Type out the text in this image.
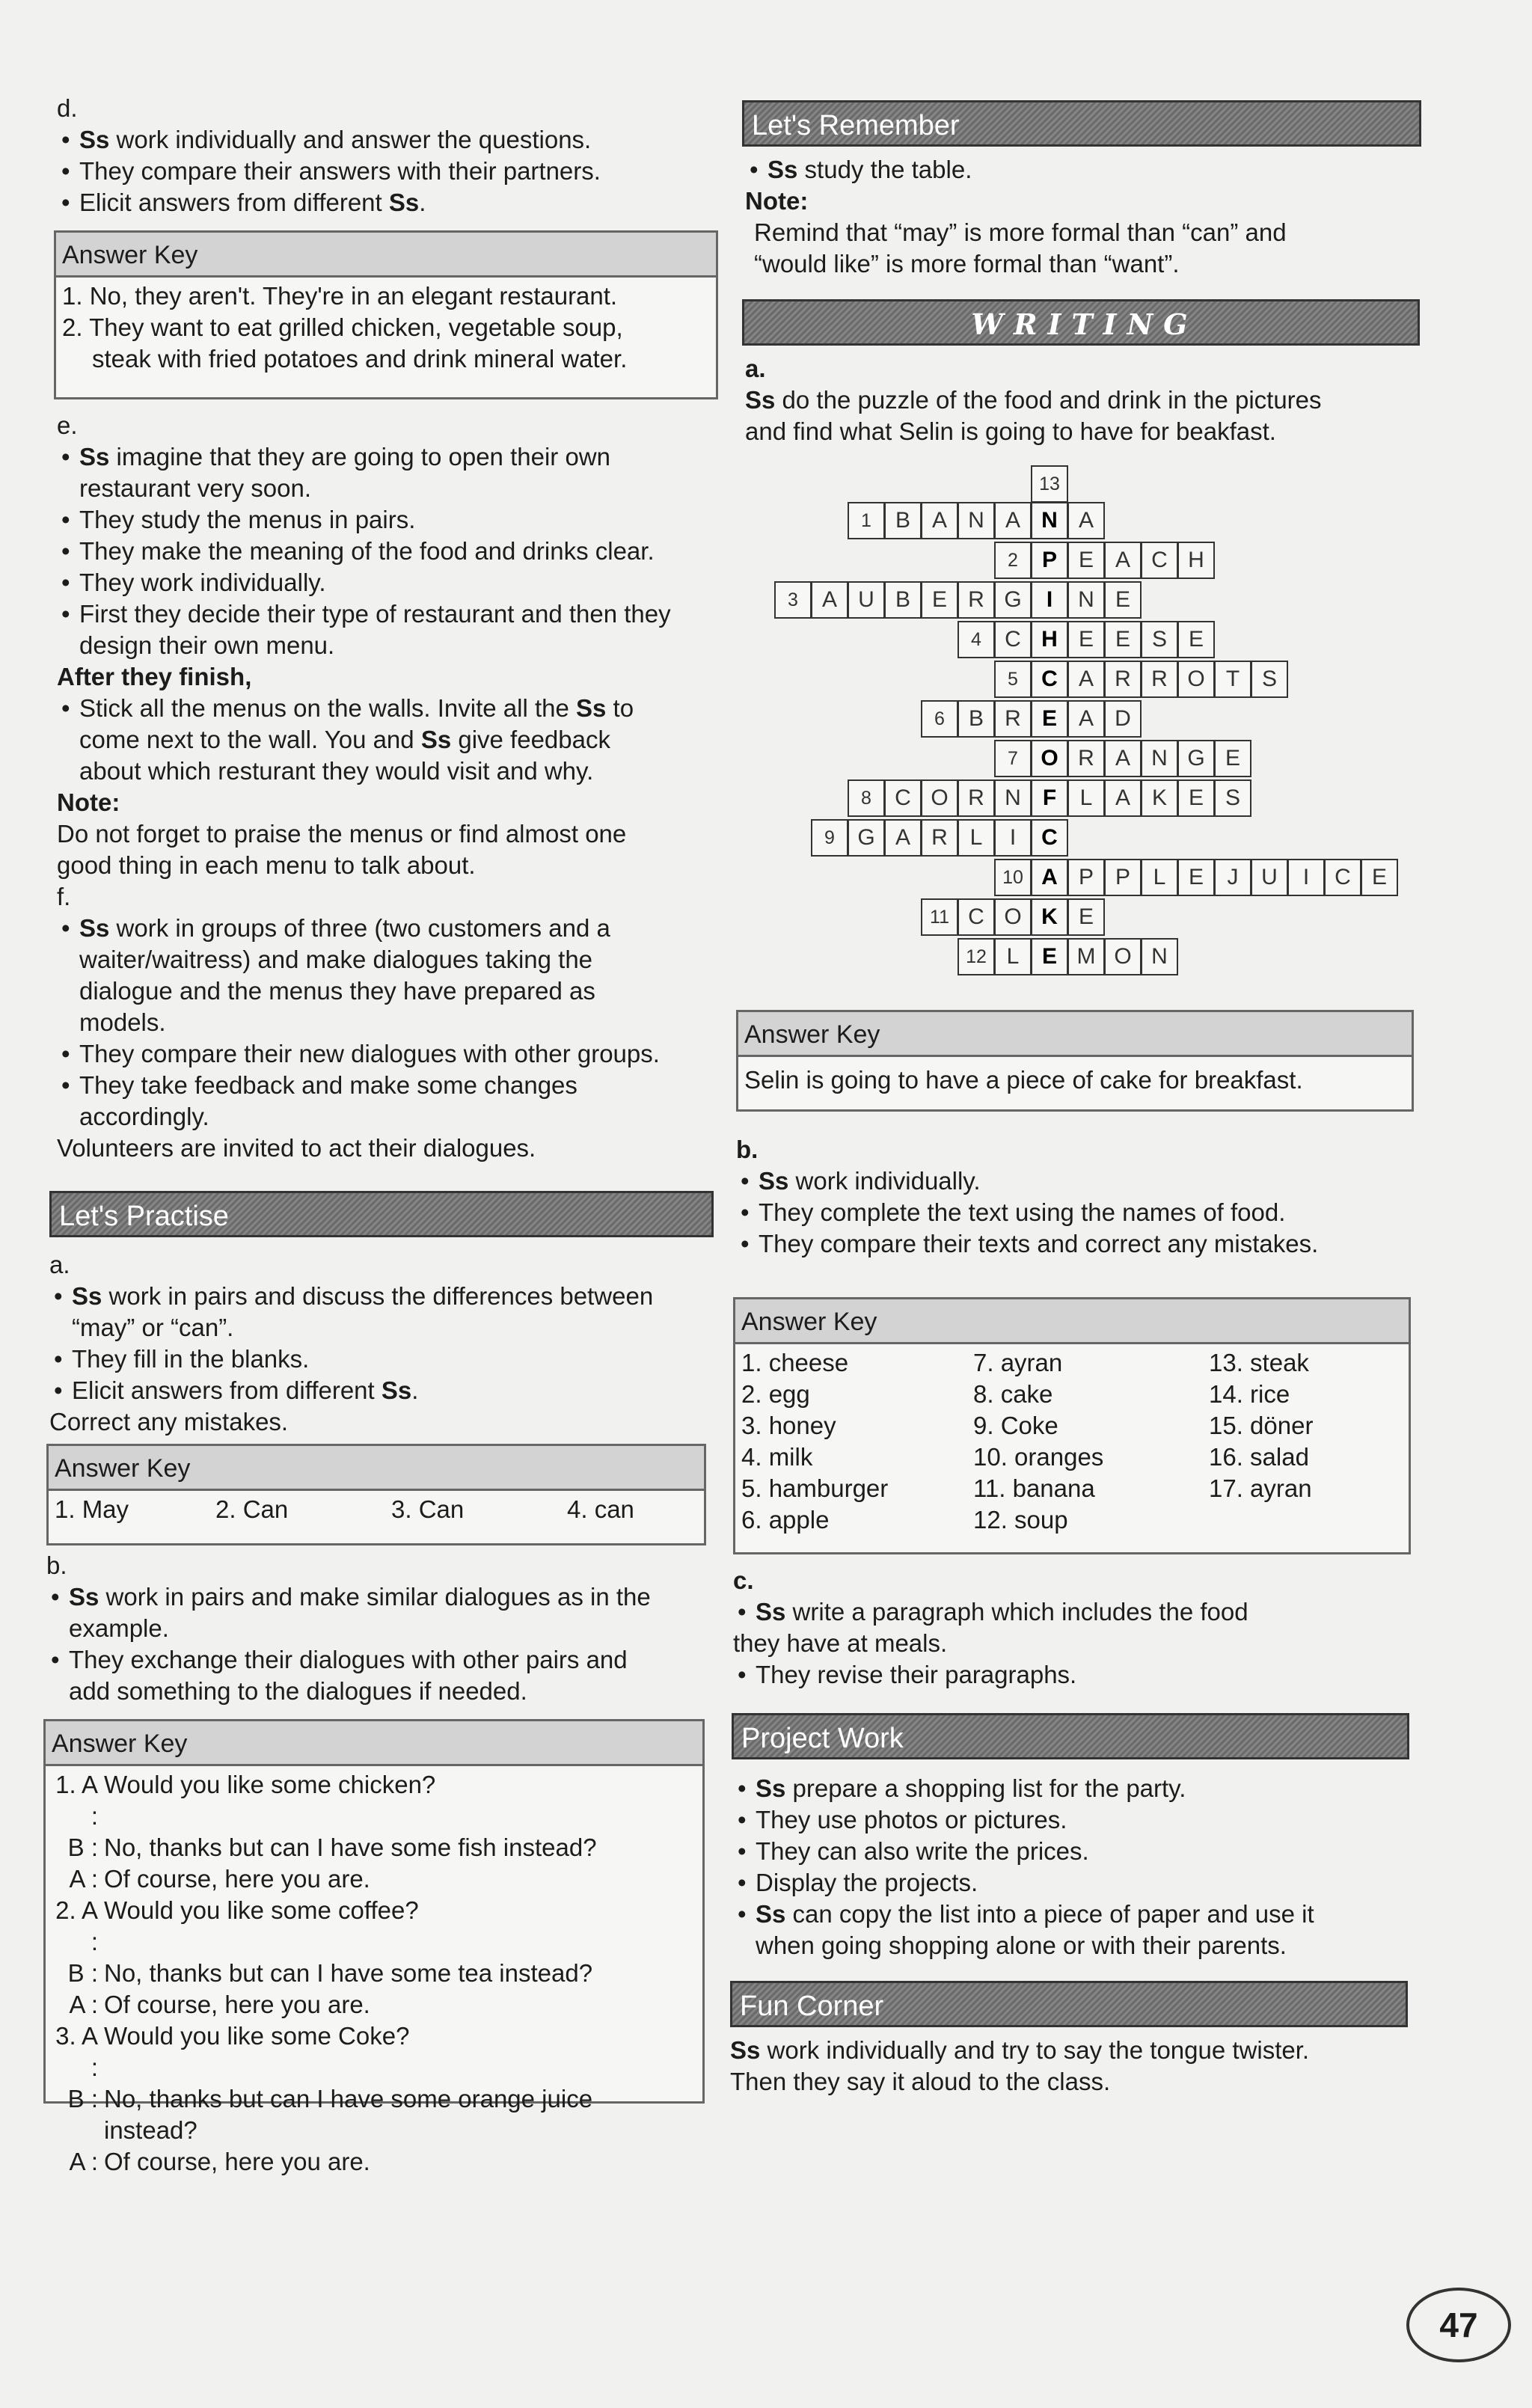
d.

• Ss work individually and answer the questions.
• They compare their answers with their partners.
• Elicit answers from different Ss.
Answer Key

1. No, they aren't. They're in an elegant restaurant.

2. They want to eat grilled chicken, vegetable soup,

steak with fried potatoes and drink mineral water.

e.

• Ss imagine that they are going to open their own
restaurant very soon.
• They study the menus in pairs.
• They make the meaning of the food and drinks clear.
• They work individually.
• First they decide their type of restaurant and then they
design their own menu.

After they finish,

• Stick all the menus on the walls. Invite all the Ss to
come next to the wall. You and Ss give feedback
about which resturant they would visit and why.

Note:

Do not forget to praise the menus or find almost one

good thing in each menu to talk about.

f.

• Ss work in groups of three (two customers and a
waiter/waitress) and make dialogues taking the
dialogue and the menus they have prepared as
models.
• They compare their new dialogues with other groups.
• They take feedback and make some changes
accordingly.

Volunteers are invited to act their dialogues.

Let's Practise

a.

• Ss work in pairs and discuss the differences between
“may” or “can”.
• They fill in the blanks.
• Elicit answers from different Ss.

Correct any mistakes.

Answer Key
1. May	2. Can	3. Can	4. can

b.

• Ss work in pairs and make similar dialogues as in the
example.
• They exchange their dialogues with other pairs and
add something to the dialogues if needed.
Answer Key
1. A :
Would you like some chicken?
B : No, thanks but can I have some fish instead?
A : Of course, here you are.
2. A :
Would you like some coffee?
B : No, thanks but can I have some tea instead?
A : Of course, here you are.
3. A :
Would you like some Coke?
B : No, thanks but can I have some orange juice
instead?
A : Of course, here you are.
Let's Remember
• Ss study the table.

Note:

Remind that “may” is more formal than “can” and

“would like” is more formal than “want”.

WRITING

a.

Ss do the puzzle of the food and drink in the pictures

and find what Selin is going to have for beakfast.

13
1	B A N A N A
2	P E A C H
3	A U B E R G	I	N E
4	C H E E S E
5	C A R R O T S
6	B R E A D
7	O R A N G E
8	C O R N F	L	A K E S
9	G A R L	I	C
10 A P P	L	E	J	U	I	C E
11 C O K E
12 L	E M O N
Answer Key
Selin is going to have a piece of cake for breakfast.

b.

• Ss work individually.
• They complete the text using the names of food.
• They compare their texts and correct any mistakes.
Answer Key
1. cheese
2. egg
3. honey
4. milk
5. hamburger
6. apple
7. ayran
8. cake
9. Coke
10. oranges
11. banana
12. soup
13. steak
14. rice
15. döner
16. salad
17. ayran

c.

• Ss write a paragraph which includes the food

they have at meals.

• They revise their paragraphs.
Project Work
• Ss prepare a shopping list for the party.
• They use photos or pictures.
• They can also write the prices.
• Display the projects.
• Ss can copy the list into a piece of paper and use it
when going shopping alone or with their parents.
Fun Corner

Ss work individually and try to say the tongue twister.

Then they say it aloud to the class.

47
